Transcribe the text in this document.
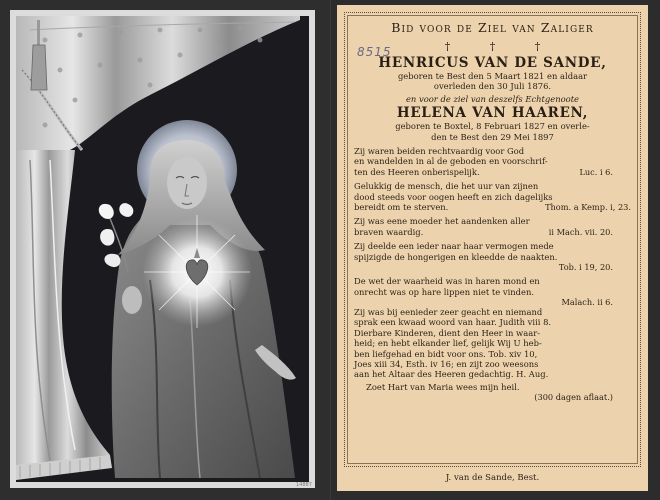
14887
8515
Bid voor de Ziel van Zaliger
† † †
HENRICUS VAN DE SANDE,
geboren te Best den 5 Maart 1821 en aldaar
overleden den 30 Juli 1876.
en voor de ziel van deszelfs Echtgenoote
HELENA VAN HAAREN,
geboren te Boxtel, 8 Februari 1827 en overle-
den te Best den 29 Mei 1897
Zij waren beiden rechtvaardig voor God
en wandelden in al de geboden en voorschrif-
ten des Heeren onberispelijk.	Luc. i 6.
Gelukkig de mensch, die het uur van zijnen
dood steeds voor oogen heeft en zich dagelijks
bereidt om te sterven.	Thom. a Kemp. i, 23.
Zij was eene moeder het aandenken aller
braven waardig.	ii Mach. vii. 20.
Zij deelde een ieder naar haar vermogen mede
spijzigde de hongerigen en kleedde de naakten.
Tob. i 19, 20.
De wet der waarheid was in haren mond en
onrecht was op hare lippen niet te vinden.
Malach. ii 6.
Zij was bij eenieder zeer geacht en niemand
sprak een kwaad woord van haar. Judith viii 8.
Dierbare Kinderen, dient den Heer in waar-
heid; en hebt elkander lief, gelijk Wij U heb-
ben liefgehad en bidt voor ons. Tob. xiv 10,
Joes xiii 34, Esth. iv 16; en zijt zoo weesons
aan het Altaar des Heeren gedachtig. H. Aug.
Zoet Hart van Maria wees mijn heil.
(300 dagen aflaat.)
J. van de Sande, Best.
